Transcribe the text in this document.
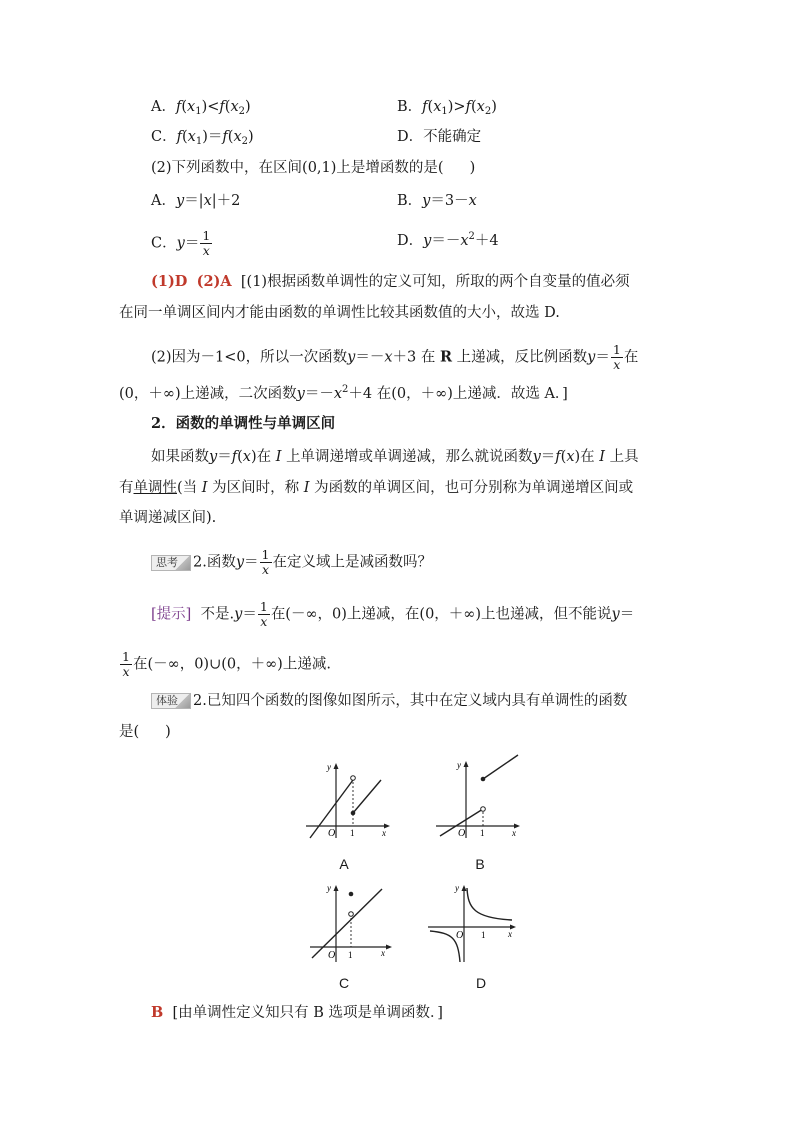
A．$f(x_1)<f(x_2)$	B．$f(x_1)>f(x_2)$
C．$f(x_1)=f(x_2)$	D．不能确定
(2)下列函数中，在区间(0,1)上是增函数的是( )
A．y＝|x|＋2	B．y＝3－x
C．$y= \frac{1}{x}$	D．$y=-x^2+4$
(1)D (2)A [(1)根据函数单调性的定义可知，所取的两个自变量的值必须
在同一单调区间内才能由函数的单调性比较其函数值的大小，故选 D.
(2)因为－1<0，所以一次函数y＝－x＋3 在 R 上递减，反比例函数$y= \frac{1}{x}$ 在
(0，＋∞)上递减，二次函数$y=-x^2+4$ 在(0，＋∞)上递减．故选 A．]
2．函数的单调性与单调区间
如果函数y＝f(x)在 I 上单调递增或单调递减，那么就说函数y＝f(x)在 I 上具
有单调性(当 I 为区间时，称 I 为函数的单调区间，也可分别称为单调递增区间或
单调递减区间).
思考 2.函数$y= \frac{1}{x}$ 在定义域上是减函数吗？
[提示] 不是$.y= \frac{1}{x}$ 在(－∞，0)上递减，在(0，＋∞)上也递减，但不能说y＝
$\frac{1}{x}$ 在(－∞，0)∪(0，＋∞)上递减.
体验 2.已知四个函数的图像如图所示，其中在定义域内具有单调性的函数
是( )
O 1	x
y
A
O 1	x
y
B
O 1	x
y
C
O 1	x
y
D
B [由单调性定义知只有 B 选项是单调函数．]
